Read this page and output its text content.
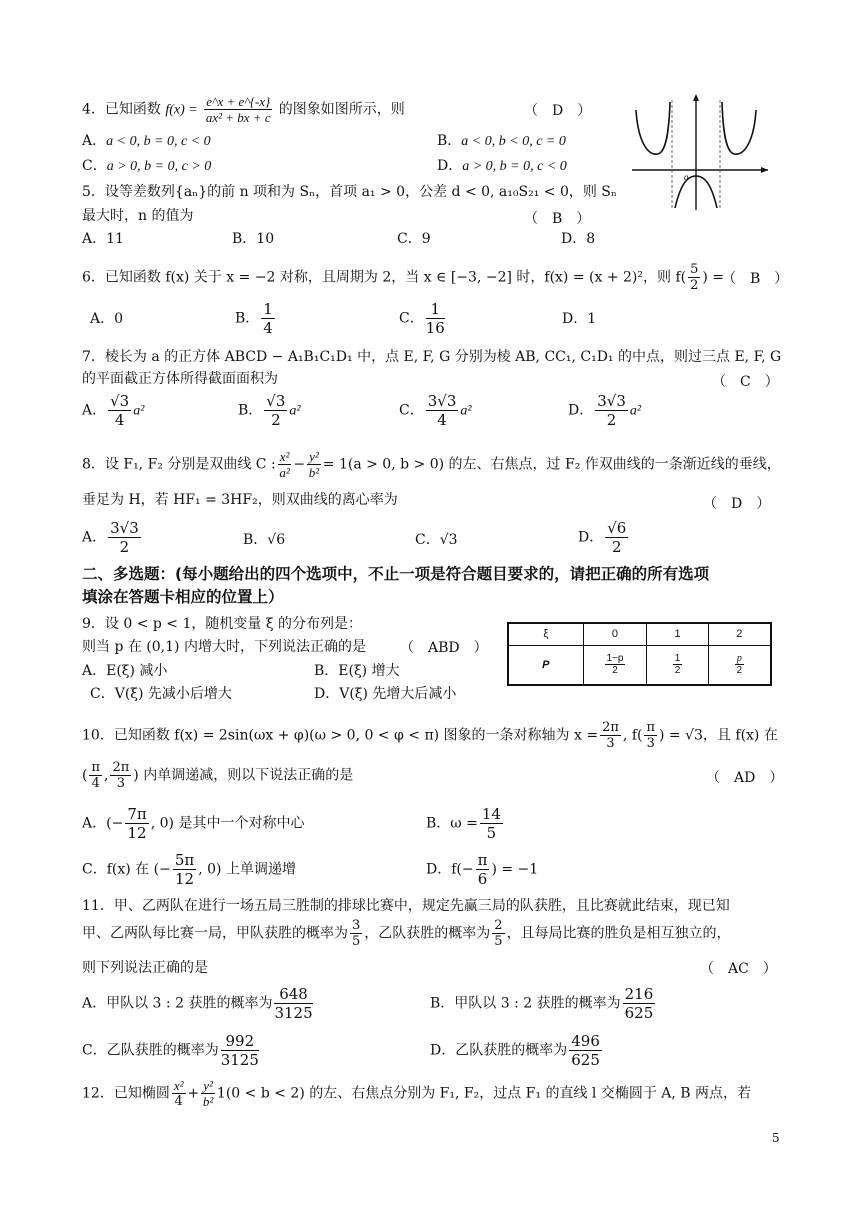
4．已知函数 $f(x) = \frac{e\^{}x + e\^{}\{-x\}}{\text{ax² + bx + c}}$ 的图象如图所示，则	（　D　）
A．a < 0, b = 0, c < 0	B．a < 0, b < 0, c = 0
C．a > 0, b = 0, c > 0	D．a > 0, b = 0, c < 0
o
5．设等差数列{aₙ}的前 n 项和为 Sₙ，首项 a₁ > 0，公差 d < 0, a₁₀S₂₁ < 0，则 Sₙ
最大时，n 的值为	（　B　）
A．11	B．10	C．9	D．8
6．已知函数 f(x) 关于 x = −2 对称，且周期为 2，当 x ∈ [−3, −2] 时，f(x) = (x + 2)²，则 $f( \frac{5}{2}$ ) =
（　B　）
A．0	B． $\frac{1}{4}$	C． $\frac{1}{16}$	D．1
7．棱长为 a 的正方体 ABCD − A₁B₁C₁D₁ 中，点 E, F, G 分别为棱 AB, CC₁, C₁D₁ 的中点，则过三点 E, F, G
的平面截正方体所得截面面积为	（　C　）
A． $\frac{√3}{4} a^2$	B． $\frac{√3}{2} a^2$	C． $\frac{3√3}{4} a^2$	D． $\frac{3√3}{2} a^2$
8．设 F₁, F₂ 分别是双曲线 C : $\frac{\text{x²}}{\text{a²}} - \frac{\text{y²}}{\text{b²}} = 1(a > 0$, b > 0) 的左、右焦点，过 F₂ 作双曲线的一条渐近线的垂线，
垂足为 H，若 HF₁ = 3HF₂，则双曲线的离心率为	（　D　）
A． $\frac{3√3}{2}$	B．√6	C．√3	D． $\frac{√6}{2}$
二、多选题：(每小题给出的四个选项中，不止一项是符合题目要求的，请把正确的所有选项
填涂在答题卡相应的位置上）
9．设 0 < p < 1，随机变量 ξ 的分布列是：
则当 p 在 (0,1) 内增大时，下列说法正确的是 （　ABD　）
A．E(ξ) 减小	B．E(ξ) 增大
C．V(ξ) 先减小后增大	D．V(ξ) 先增大后减小
ξ	0	1	2
P	$\frac{1-p}{2}$	$\frac{1}{2}$	$\frac{p}{2}$
10．已知函数 f(x) = 2sin(ωx + φ)(ω > 0, 0 < φ < π) 图象的一条对称轴为 $x = \frac{2\pi}{3}$ , $f( \frac{\pi}{3}$ ) = √3，且 f(x) 在
( $\frac{\pi}{4}$ , $\frac{2\pi}{3}$ ) 内单调递减，则以下说法正确的是	（　AD　）
A．(− $\frac{7\pi}{12}$ , 0) 是其中一个对称中心	B．$\omega = \frac{14}{5}$
C．f(x) 在 (− $\frac{5\pi}{12}$ , 0) 上单调递增	D．$f(- \frac{\pi}{6}$ ) = −1
11．甲、乙两队在进行一场五局三胜制的排球比赛中，规定先赢三局的队获胜，且比赛就此结束，现已知
甲、乙两队每比赛一局，甲队获胜的概率为 $\frac{3}{5}$ ，乙队获胜的概率为 $\frac{2}{5}$ ，且每局比赛的胜负是相互独立的，
则下列说法正确的是	（　AC　）
A．甲队以 3 : 2 获胜的概率为 $\frac{648}{3125}$	B．甲队以 3 : 2 获胜的概率为 $\frac{216}{625}$
C．乙队获胜的概率为 $\frac{992}{3125}$	D．乙队获胜的概率为 $\frac{496}{625}$
12．已知椭圆 $\frac{\text{x²}}{4} + \frac{\text{y²}}{\text{b²}} 1(0 < b < 2)$ 的左、右焦点分别为 F₁, F₂，过点 F₁ 的直线 l 交椭圆于 A, B 两点，若
5
